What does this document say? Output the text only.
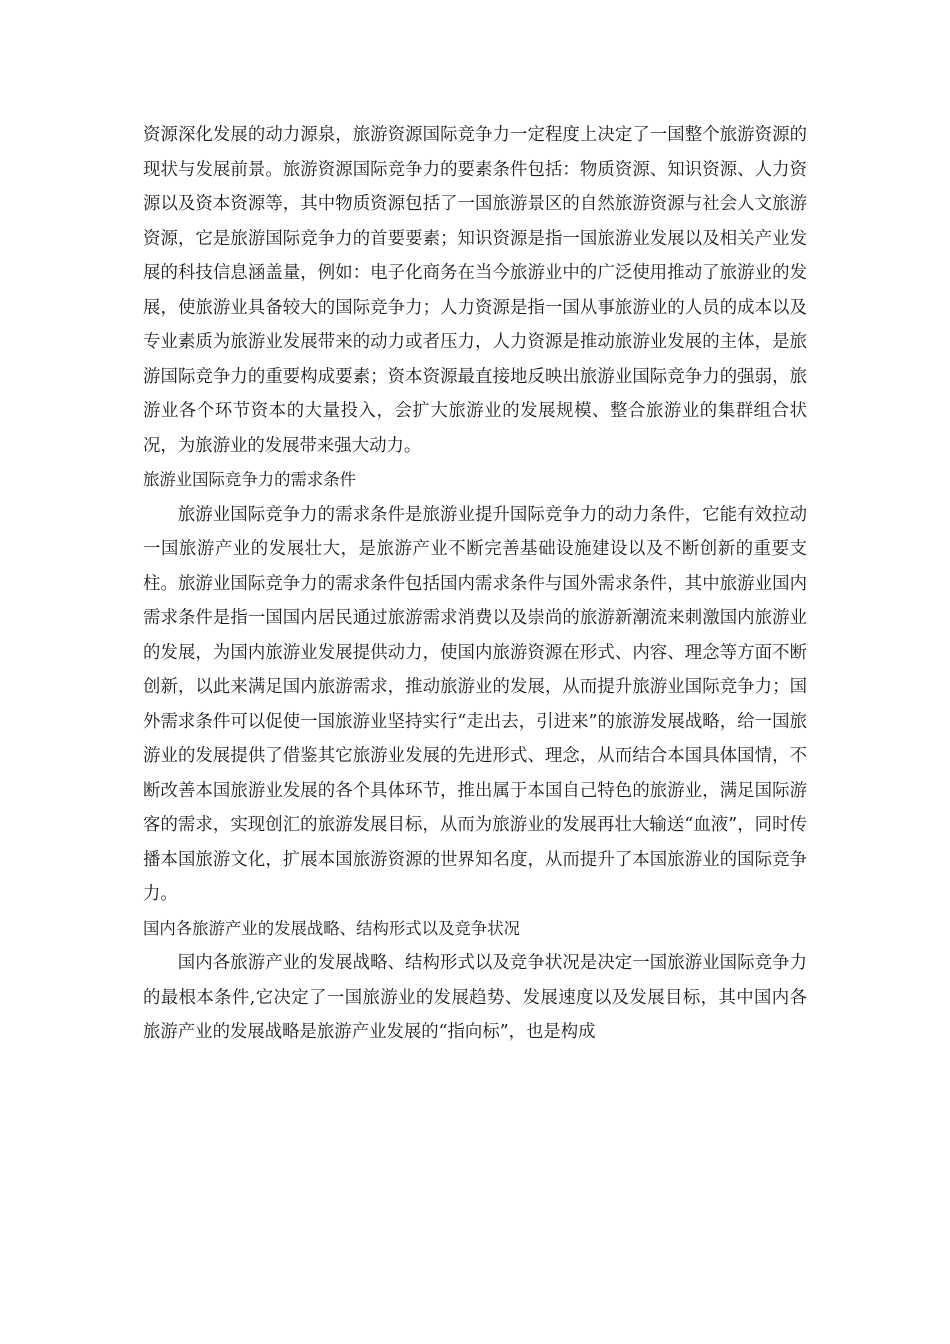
资源深化发展的动力源泉，旅游资源国际竞争力一定程度上决定了一国整个旅游资源的现状与发展前景。旅游资源国际竞争力的要素条件包括：物质资源、知识资源、人力资源以及资本资源等，其中物质资源包括了一国旅游景区的自然旅游资源与社会人文旅游资源，它是旅游国际竞争力的首要要素；知识资源是指一国旅游业发展以及相关产业发展的科技信息涵盖量，例如：电子化商务在当今旅游业中的广泛使用推动了旅游业的发展，使旅游业具备较大的国际竞争力；人力资源是指一国从事旅游业的人员的成本以及专业素质为旅游业发展带来的动力或者压力，人力资源是推动旅游业发展的主体，是旅游国际竞争力的重要构成要素；资本资源最直接地反映出旅游业国际竞争力的强弱，旅游业各个环节资本的大量投入，会扩大旅游业的发展规模、整合旅游业的集群组合状况，为旅游业的发展带来强大动力。

旅游业国际竞争力的需求条件

旅游业国际竞争力的需求条件是旅游业提升国际竞争力的动力条件，它能有效拉动一国旅游产业的发展壮大，是旅游产业不断完善基础设施建设以及不断创新的重要支柱。旅游业国际竞争力的需求条件包括国内需求条件与国外需求条件，其中旅游业国内需求条件是指一国国内居民通过旅游需求消费以及崇尚的旅游新潮流来刺激国内旅游业的发展，为国内旅游业发展提供动力，使国内旅游资源在形式、内容、理念等方面不断创新，以此来满足国内旅游需求，推动旅游业的发展，从而提升旅游业国际竞争力；国外需求条件可以促使一国旅游业坚持实行“走出去，引进来”的旅游发展战略，给一国旅游业的发展提供了借鉴其它旅游业发展的先进形式、理念，从而结合本国具体国情，不断改善本国旅游业发展的各个具体环节，推出属于本国自己特色的旅游业，满足国际游客的需求，实现创汇的旅游发展目标，从而为旅游业的发展再壮大输送“血液”，同时传播本国旅游文化，扩展本国旅游资源的世界知名度，从而提升了本国旅游业的国际竞争力。

国内各旅游产业的发展战略、结构形式以及竞争状况

国内各旅游产业的发展战略、结构形式以及竞争状况是决定一国旅游业国际竞争力的最根本条件,它决定了一国旅游业的发展趋势、发展速度以及发展目标，其中国内各旅游产业的发展战略是旅游产业发展的“指向标”，也是构成
